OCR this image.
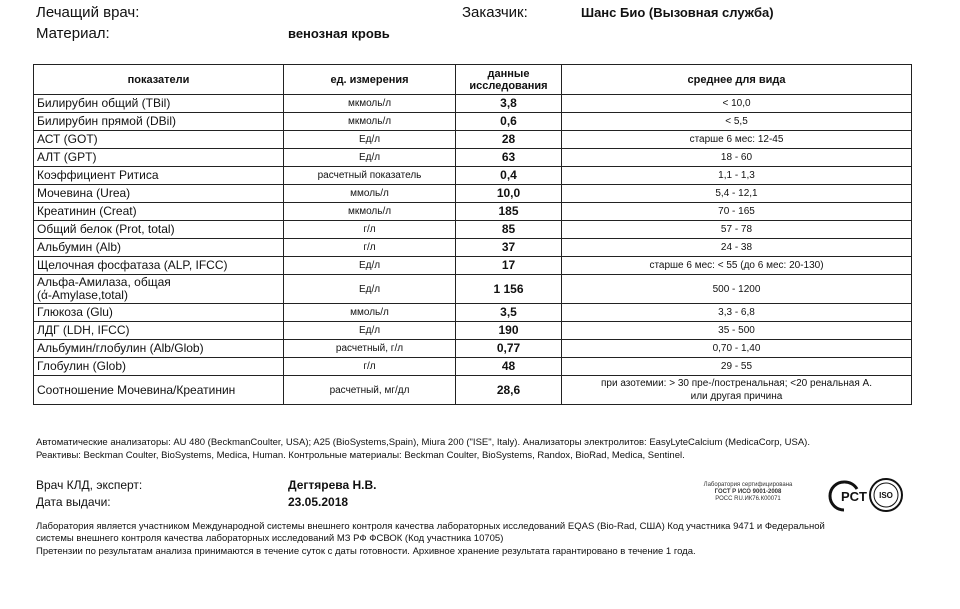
Лечащий врач:	Заказчик:	Шанс Био (Вызовная служба)
Материал:	венозная кровь
показатели	ед. измерения	данные исследования	среднее для вида
Билирубин общий (TBil)	мкмоль/л	3,8	< 10,0
Билирубин прямой (DBil)	мкмоль/л	0,6	< 5,5
АСТ (GOT)	Ед/л	28	старше 6 мес: 12-45
АЛТ (GPT)	Ед/л	63	18 - 60
Коэффициент Ритиса	расчетный показатель	0,4	1,1 - 1,3
Мочевина (Urea)	ммоль/л	10,0	5,4 - 12,1
Креатинин (Creat)	мкмоль/л	185	70 - 165
Общий белок (Prot, total)	г/л	85	57 - 78
Альбумин (Alb)	г/л	37	24 - 38
Щелочная фосфатаза (ALP, IFCC)	Ед/л	17	старше 6 мес: < 55 (до 6 мес: 20-130)
Альфа-Амилаза, общая
(ά-Amylase,total)	Ед/л	1 156	500 - 1200
Глюкоза (Glu)	ммоль/л	3,5	3,3 - 6,8
ЛДГ (LDH, IFCC)	Ед/л	190	35 - 500
Альбумин/глобулин (Alb/Glob)	расчетный, г/л	0,77	0,70 - 1,40
Глобулин (Glob)	г/л	48	29 - 55
Соотношение Мочевина/Креатинин	расчетный, мг/дл	28,6	при азотемии: > 30 пре-/постренальная; <20 ренальная А.
или другая причина
Автоматические анализаторы: AU 480 (BeckmanCoulter, USA); A25 (BioSystems,Spain), Miura 200 ("ISE", Italy). Анализаторы электролитов: EasyLyteCalcium (MedicaCorp, USA).
Реактивы: Beckman Coulter, BioSystems, Medica, Human. Контрольные материалы: Beckman Coulter, BioSystems, Randox, BioRad, Medica, Sentinel.
Врач КЛД, эксперт:	Дегтярева Н.В.
Дата выдачи:	23.05.2018
Лаборатория сертифицирована
ГОСТ Р ИСО 9001-2008
РОСС RU.ИК76.К00071	PCT ISO
Лаборатория является участником Международной системы внешнего контроля качества лабораторных исследований EQAS (Bio-Rad, США) Код участника 9471 и Федеральной
системы внешнего контроля качества лабораторных исследований МЗ РФ ФСВОК (Код участника 10705)
Претензии по результатам анализа принимаются в течение суток с даты готовности. Архивное хранение результата гарантировано в течение 1 года.
